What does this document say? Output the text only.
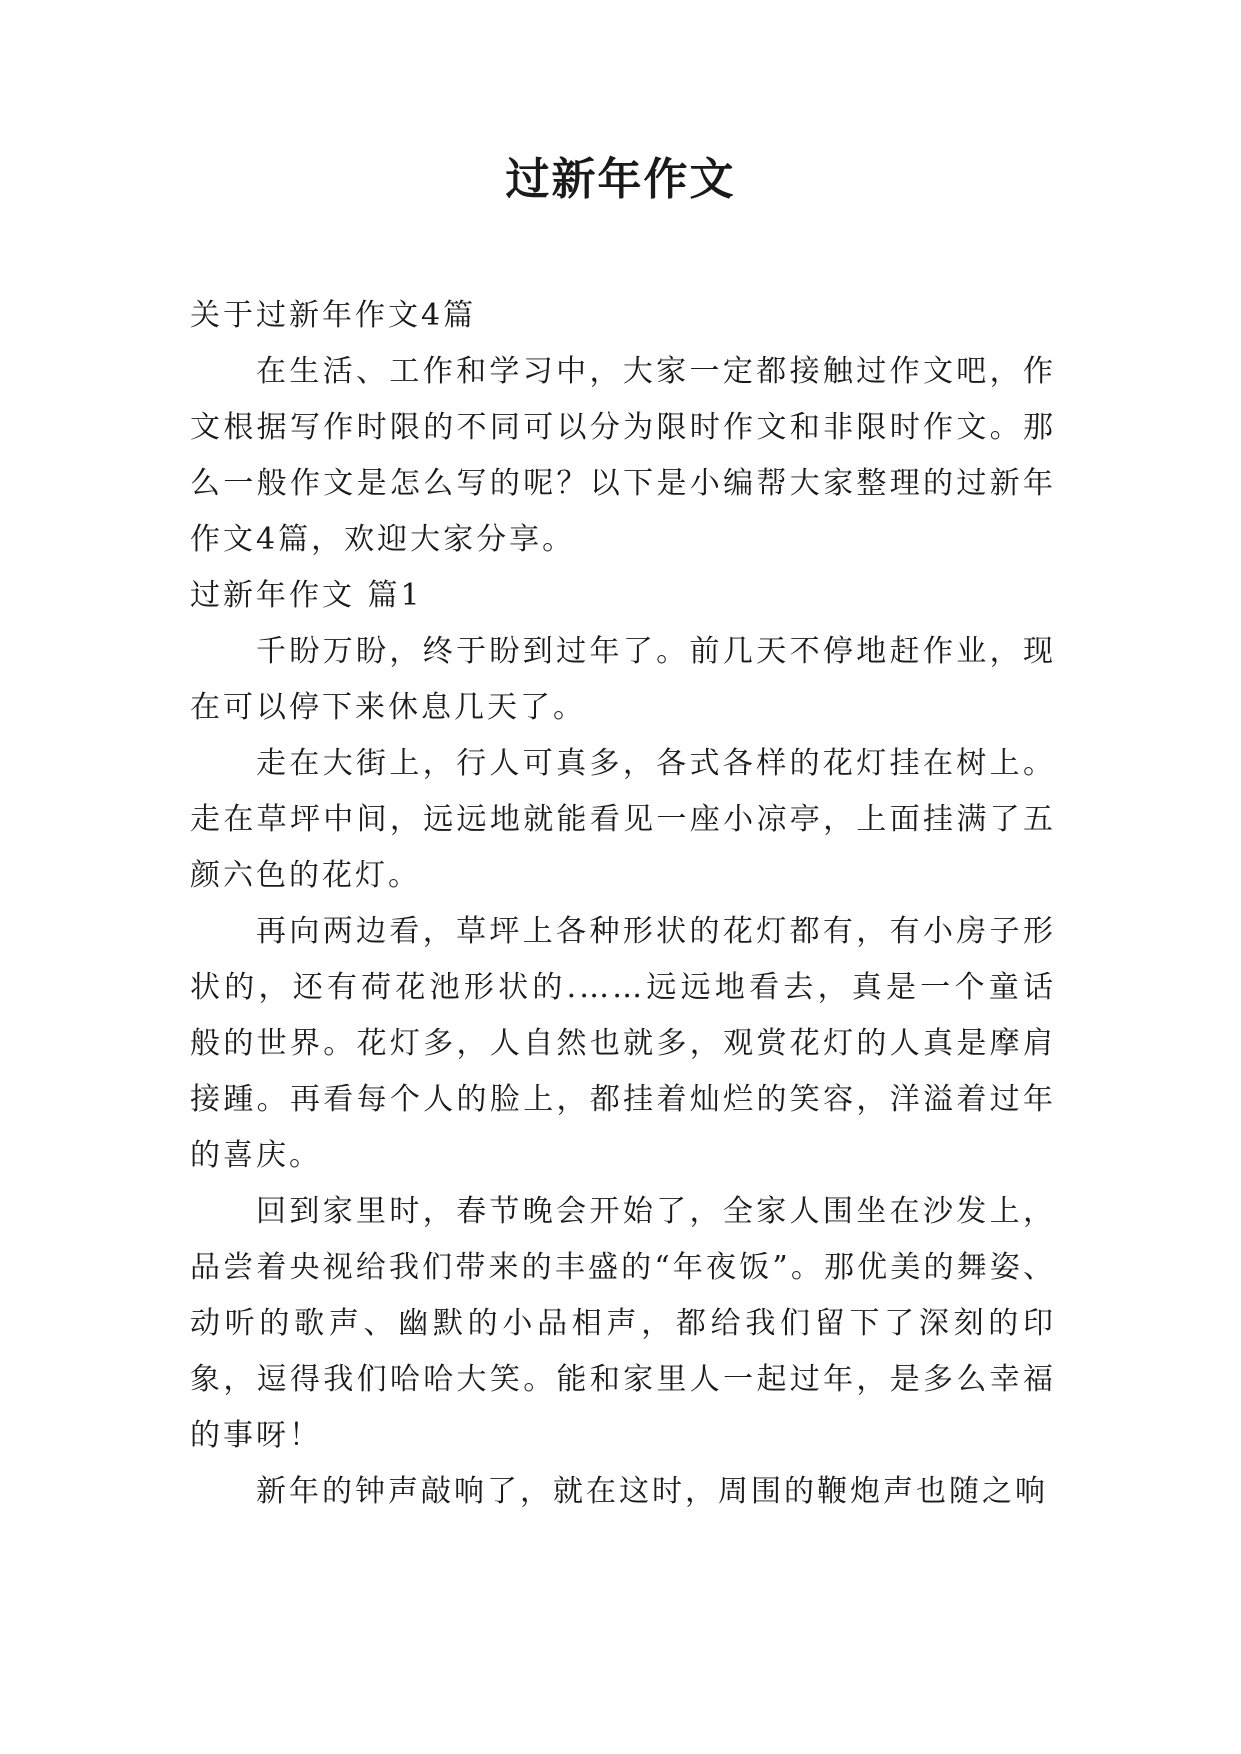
过新年作文

关于过新年作文4篇

在生活、工作和学习中，大家一定都接触过作文吧，作文根据写作时限的不同可以分为限时作文和非限时作文。那么一般作文是怎么写的呢？以下是小编帮大家整理的过新年作文4篇，欢迎大家分享。

过新年作文 篇1

千盼万盼，终于盼到过年了。前几天不停地赶作业，现在可以停下来休息几天了。

走在大街上，行人可真多，各式各样的花灯挂在树上。走在草坪中间，远远地就能看见一座小凉亭，上面挂满了五颜六色的花灯。

再向两边看，草坪上各种形状的花灯都有，有小房子形状的，还有荷花池形状的.……远远地看去，真是一个童话般的世界。花灯多，人自然也就多，观赏花灯的人真是摩肩接踵。再看每个人的脸上，都挂着灿烂的笑容，洋溢着过年的喜庆。

回到家里时，春节晚会开始了，全家人围坐在沙发上，品尝着央视给我们带来的丰盛的“年夜饭”。那优美的舞姿、动听的歌声、幽默的小品相声，都给我们留下了深刻的印象，逗得我们哈哈大笑。能和家里人一起过年，是多么幸福的事呀！

新年的钟声敲响了，就在这时，周围的鞭炮声也随之响
